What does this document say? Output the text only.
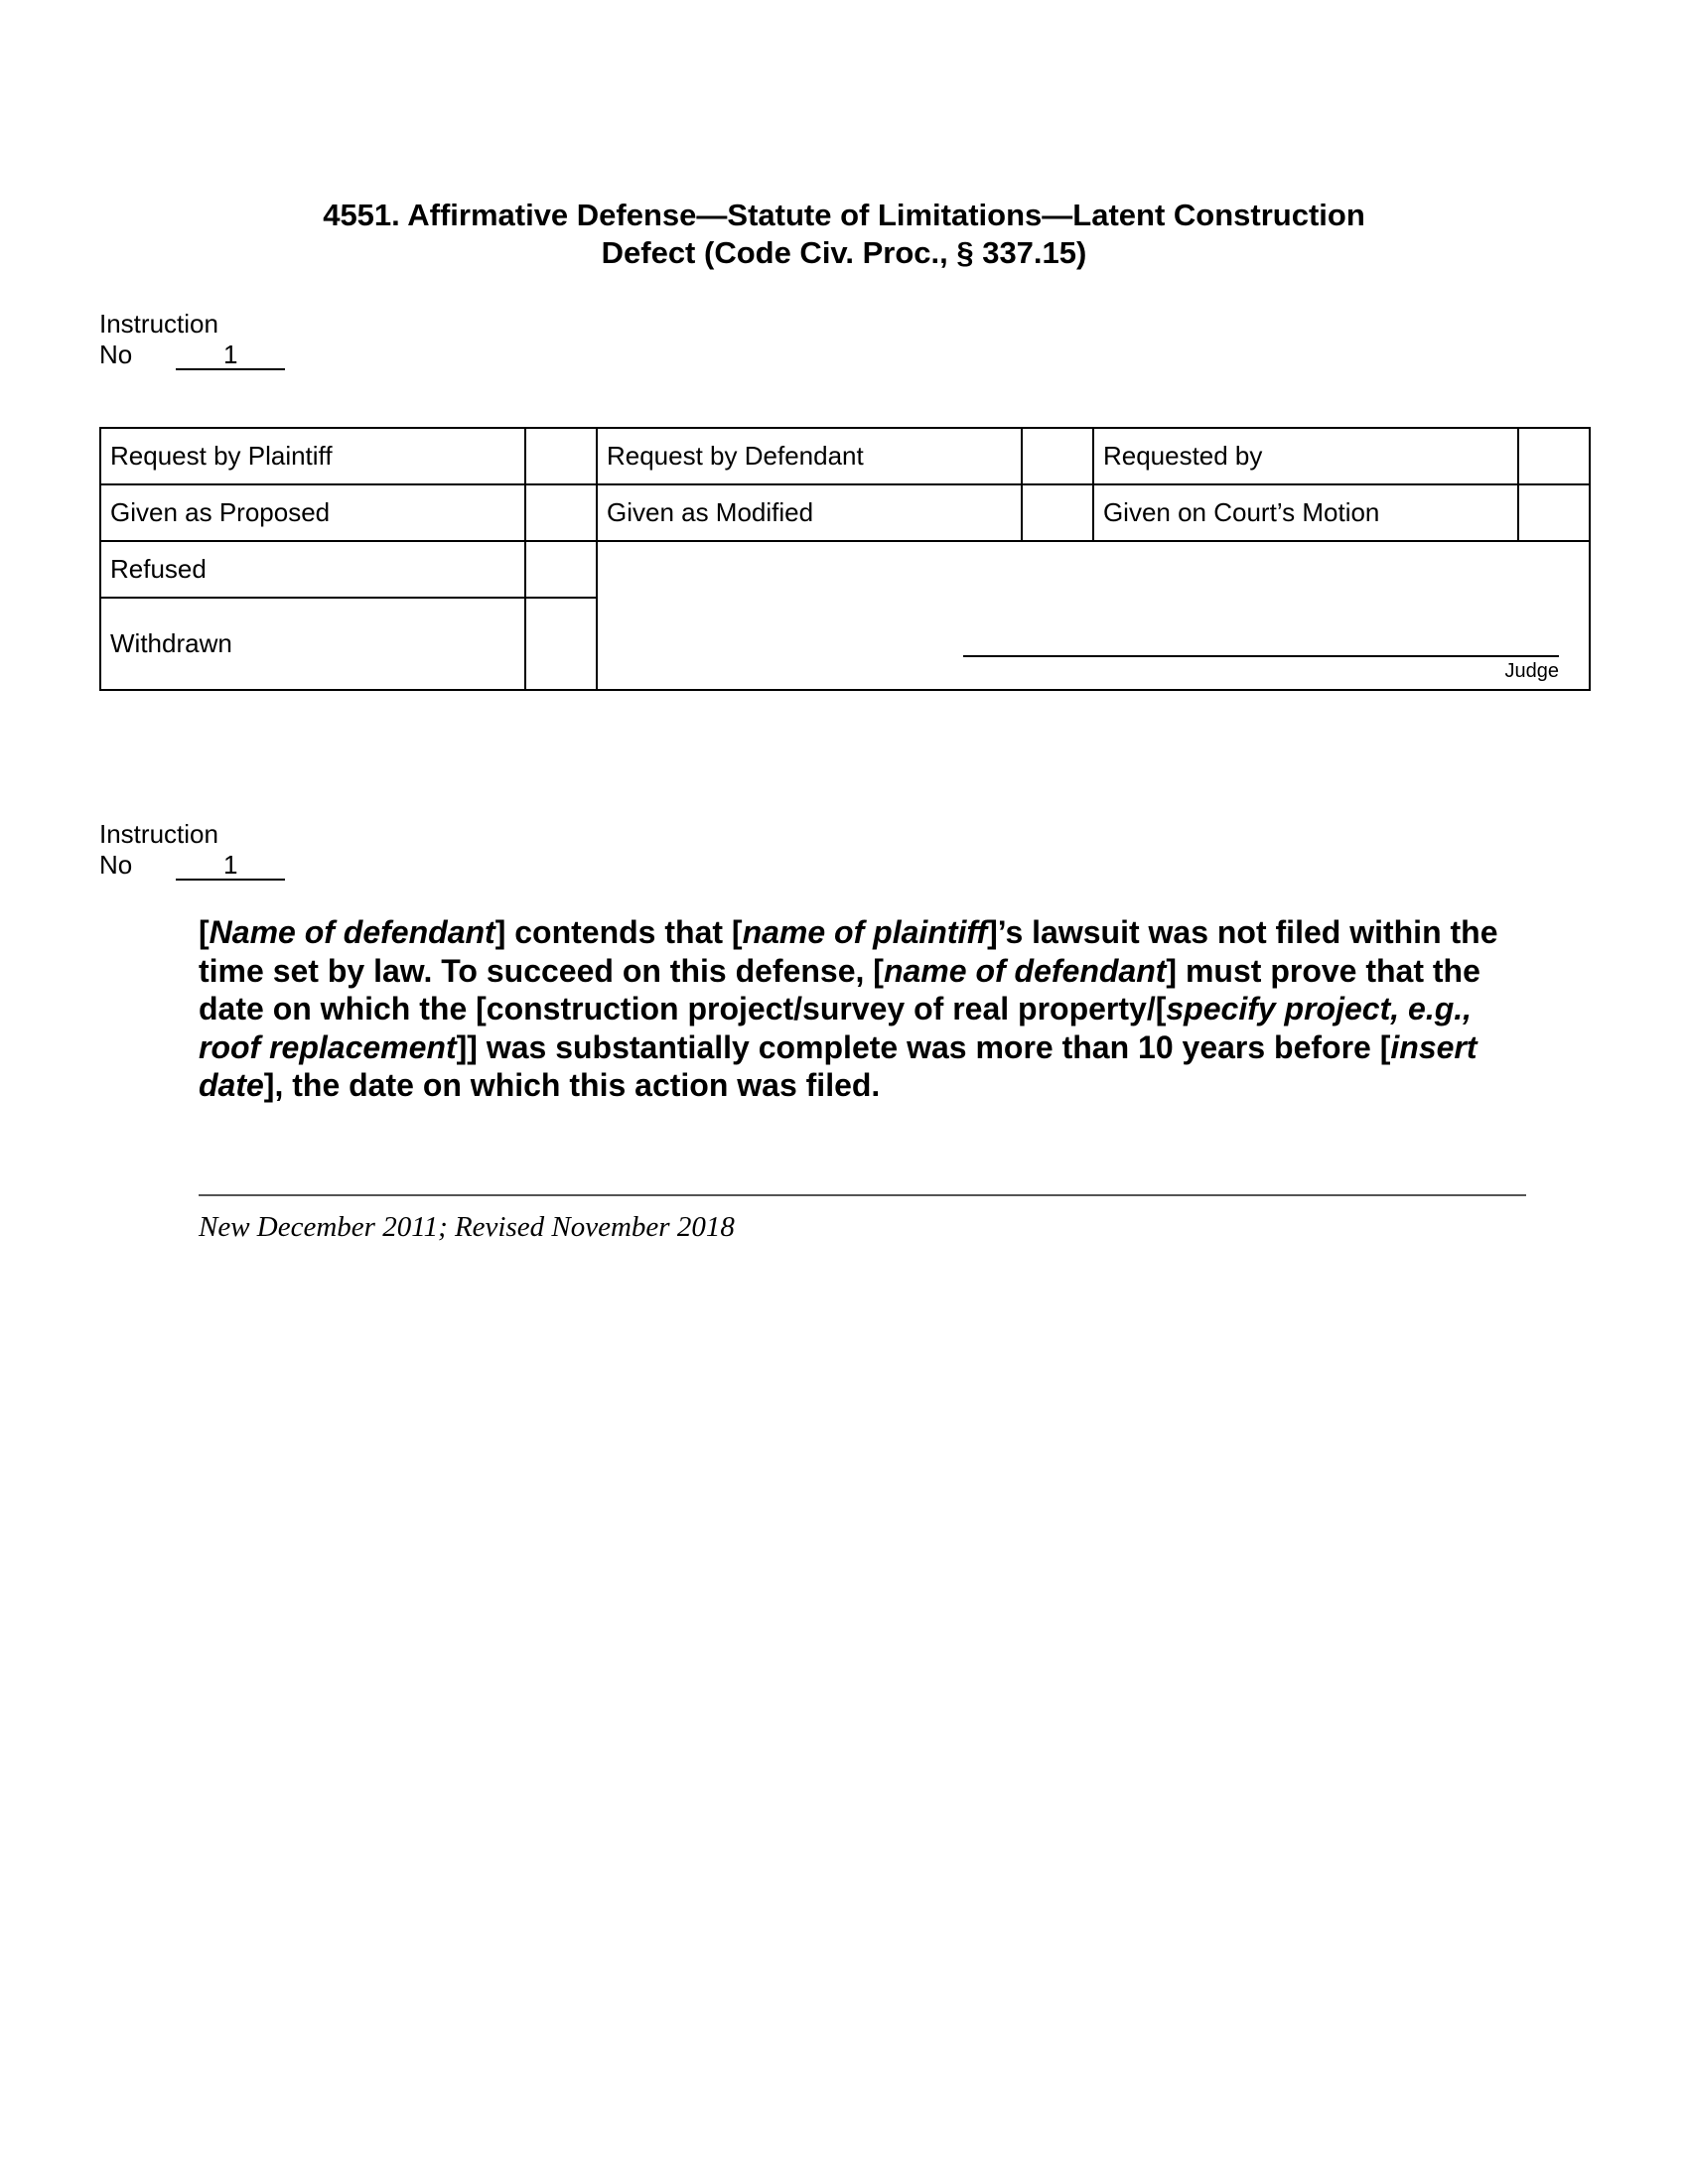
4551. Affirmative Defense—Statute of Limitations—Latent Construction
Defect (Code Civ. Proc., § 337.15)
Instruction
No	1
Request by Plaintiff		Request by Defendant		Requested by	
Given as Proposed		Given as Modified		Given on Court’s Motion	
Refused		Judge			

Withdrawn					
Instruction
No	1
[Name of defendant] contends that [name of plaintiff]’s lawsuit was not filed within the time set by law. To succeed on this defense, [name of defendant] must prove that the date on which the [construction project/survey of real property/[specify project, e.g., roof replacement]] was substantially complete was more than 10 years before [insert date], the date on which this action was filed.
New December 2011; Revised November 2018
